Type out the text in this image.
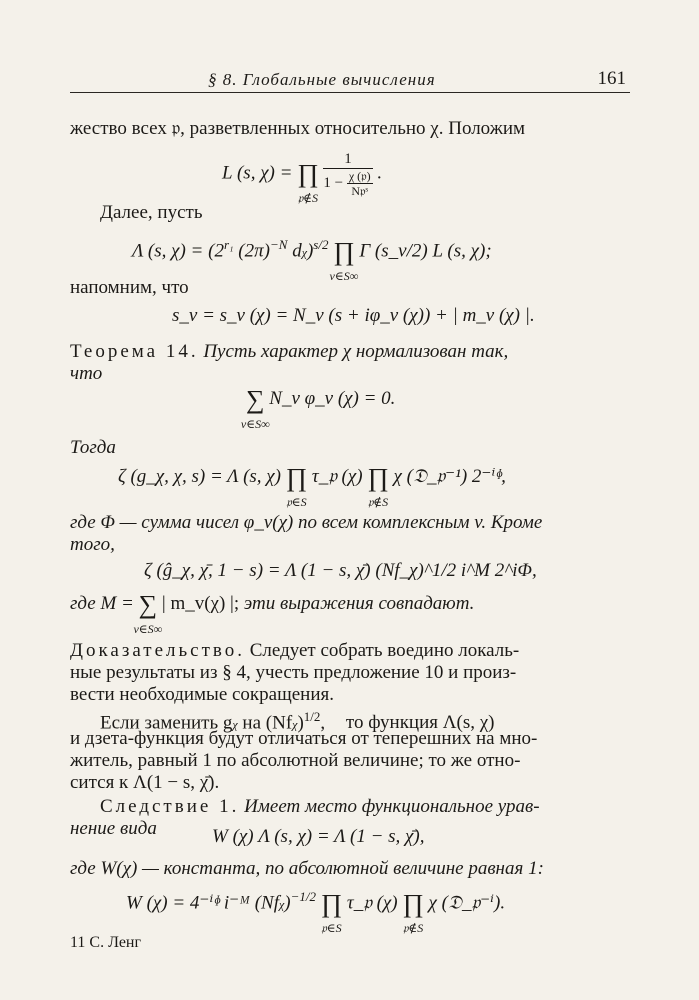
§ 8. Глобальные вычисления	161
жество всех 𝔭, разветвленных относительно χ. Положим
L (s, χ) = ∏
𝔭∉S

1
1 − χ (𝔭)
N𝔭ˢ .
Далее, пусть
Λ (s, $\chi) = (2^{r_1}$ $(2\pi)^{-N}$ dχ)$^{s/2}$ ∏
v∈S∞
Γ (s_v/2) L (s, χ);
напомним, что
s_v = s_v (χ) = N_v (s + iφ_v (χ)) + | m_v (χ) |.
Теорема 14. Пусть характер χ нормализован так,
что
∑
v∈S∞
N_v φ_v (χ) = 0.
Тогда
ζ (g_χ, χ, s) = Λ (s, χ) ∏
𝔭∈S
τ_𝔭 (χ) ∏
𝔭∉S
χ (𝔇_𝔭⁻¹) 2⁻ⁱᶲ,
где Φ — сумма чисел φ_v(χ) по всем комплексным v. Кроме
того,
ζ (ĝ_χ, χ̄, 1 − s) = Λ (1 − s, χ̄) (Nf_χ)^1/2 i^M 2^iΦ,
где M = ∑
v∈S∞
| m_v(χ) |; эти выражения совпадают.
Доказательство. Следует собрать воедино локаль-
ные результаты из § 4, учесть предложение 10 и произ-
вести необходимые сокращения.
Если заменить gχ на $(Nf\chi)^{1/2}$, то функция Λ(s, χ)
и дзета-функция будут отличаться от теперешних на мно-
житель, равный 1 по абсолютной величине; то же отно-
сится к Λ(1 − s, χ̄).
Следствие 1. Имеет место функциональное урав-
нение вида	W (χ) Λ (s, χ) = Λ (1 − s, χ̄),
где W(χ) — константа, по абсолютной величине равная 1:
W (χ) = 4⁻ⁱᶲ i⁻ᴹ $(Nf\chi)^{-1/2}$ ∏
𝔭∈S
τ_𝔭 (χ) ∏
𝔭∉S
χ (𝔇_𝔭⁻ⁱ).
11 С. Ленг
